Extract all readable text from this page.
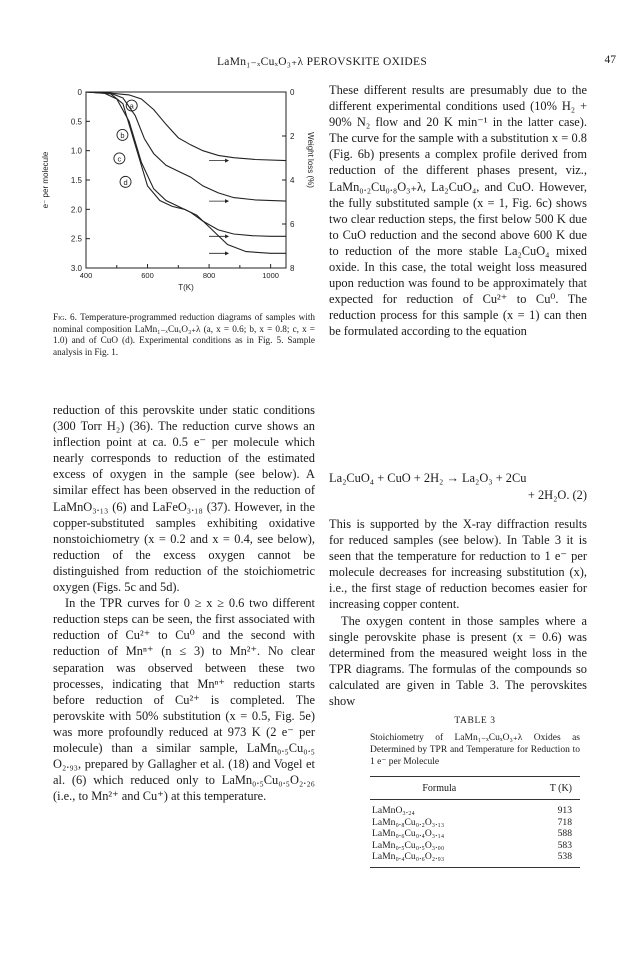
LaMn₁₋ₓCuₓO₃₊λ PEROVSKITE OXIDES	47
0
0.5
1.0
1.5
2.0
2.5
3.0
0
2
4
6
8
400	600	800	1000
T(K)
e⁻ per molecule	Weight loss (%)
a
b
c
d
Fig. 6. Temperature-programmed reduction diagrams of samples with nominal composition LaMn₁₋ₓCuₓO₃₊λ (a, x = 0.6; b, x = 0.8; c, x = 1.0) and of CuO (d). Experimental conditions as in Fig. 5. Sample analysis in Fig. 1.

reduction of this perovskite under static conditions (300 Torr H₂) (36). The reduction curve shows an inflection point at ca. 0.5 e⁻ per molecule which nearly corresponds to reduction of the estimated excess of oxygen in the sample (see below). A similar effect has been observed in the reduction of LaMnO₃.₁₃ (6) and LaFeO₃.₁₈ (37). However, in the copper-substituted samples exhibiting oxidative nonstoichiometry (x = 0.2 and x = 0.4, see below), reduction of the excess oxygen cannot be distinguished from reduction of the stoichiometric oxygen (Figs. 5c and 5d).

In the TPR curves for 0 ≥ x ≥ 0.6 two different reduction steps can be seen, the first associated with reduction of Cu²⁺ to Cu⁰ and the second with reduction of Mnⁿ⁺ (n ≤ 3) to Mn²⁺. No clear separation was observed between these two processes, indicating that Mnⁿ⁺ reduction starts before reduction of Cu²⁺ is completed. The perovskite with 50% substitution (x = 0.5, Fig. 5e) was more profoundly reduced at 973 K (2 e⁻ per molecule) than a similar sample, LaMn₀.₅Cu₀.₅ O₂.₉₃, prepared by Gallagher et al. (18) and Vogel et al. (6) which reduced only to LaMn₀.₅Cu₀.₅O₂.₂₆ (i.e., to Mn²⁺ and Cu⁺) at this temperature.

These different results are presumably due to the different experimental conditions used (10% H₂ + 90% N₂ flow and 20 K min⁻¹ in the latter case). The curve for the sample with a substitution x = 0.8 (Fig. 6b) presents a complex profile derived from reduction of the different phases present, viz., LaMn₀.₂Cu₀.₈O₃₊λ, La₂CuO₄, and CuO. However, the fully substituted sample (x = 1, Fig. 6c) shows two clear reduction steps, the first below 500 K due to CuO reduction and the second above 600 K due to reduction of the more stable La₂CuO₄ mixed oxide. In this case, the total weight loss measured upon reduction was found to be approximately that expected for reduction of Cu²⁺ to Cu⁰. The reduction process for this sample (x = 1) can then be formulated according to the equation

La₂CuO₄ + CuO + 2H₂ → La₂O₃ + 2Cu
+ 2H₂O. (2)

This is supported by the X-ray diffraction results for reduced samples (see below). In Table 3 it is seen that the temperature for reduction to 1 e⁻ per molecule decreases for increasing substitution (x), i.e., the first stage of reduction becomes easier for increasing copper content.

The oxygen content in those samples where a single perovskite phase is present (x = 0.6) was determined from the measured weight loss in the TPR diagrams. The formulas of the compounds so calculated are given in Table 3. The perovskites show

TABLE 3
Stoichiometry of LaMn₁₋ₓCuₓO₃₊λ Oxides as Determined by TPR and Temperature for Reduction to 1 e⁻ per Molecule
Formula	T (K)
LaMnO₃.₂₄	913
LaMn₀.₈Cu₀.₂O₃.₁₃	718
LaMn₀.₆Cu₀.₄O₃.₁₄	588
LaMn₀.₅Cu₀.₅O₃.₀₀	583
LaMn₀.₄Cu₀.₆O₂.₉₃	538
